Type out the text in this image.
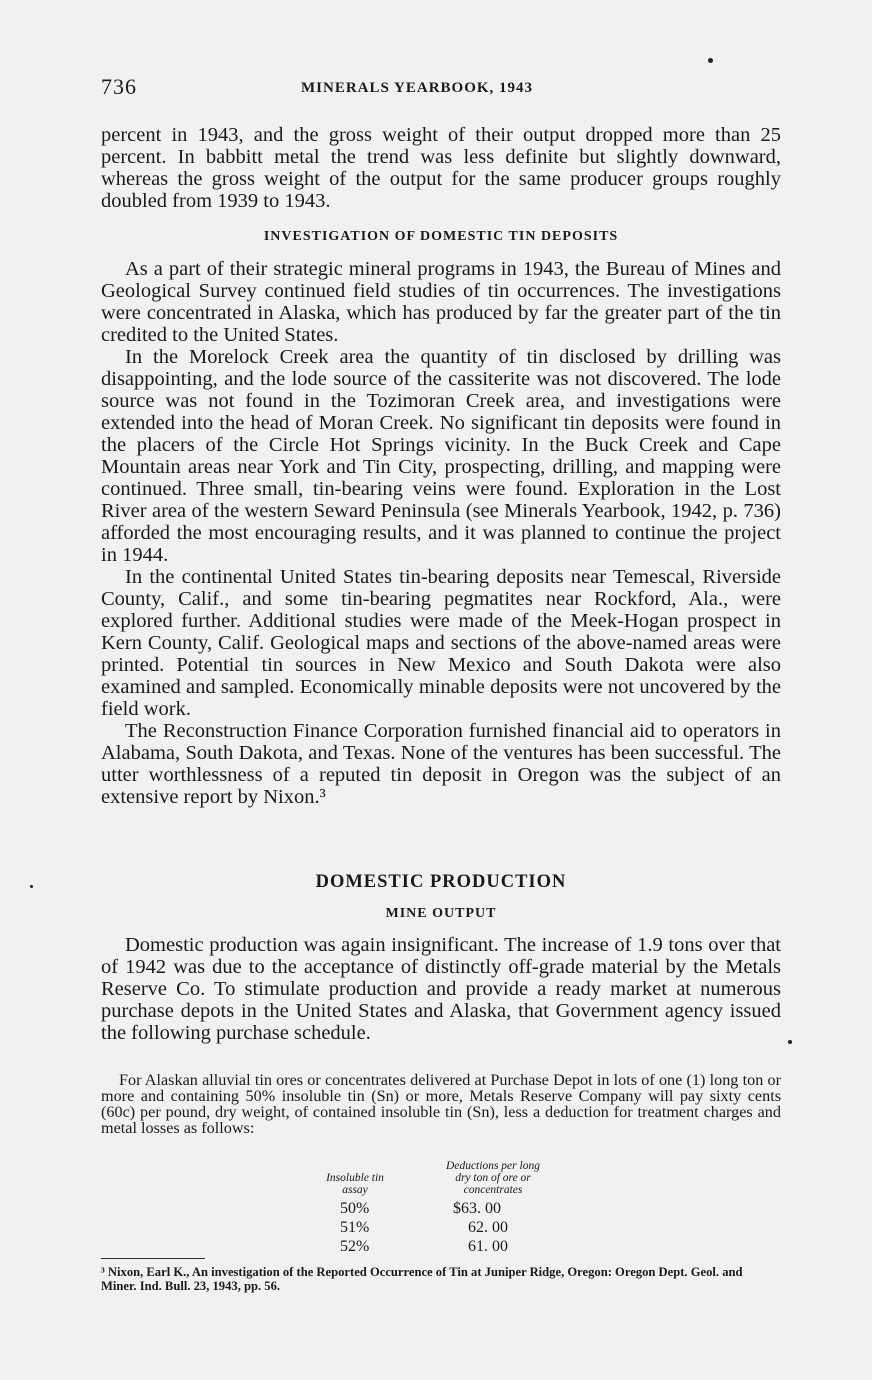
736	MINERALS YEARBOOK, 1943

percent in 1943, and the gross weight of their output dropped more than 25 percent. In babbitt metal the trend was less definite but slightly downward, whereas the gross weight of the output for the same producer groups roughly doubled from 1939 to 1943.

INVESTIGATION OF DOMESTIC TIN DEPOSITS

As a part of their strategic mineral programs in 1943, the Bureau of Mines and Geological Survey continued field studies of tin occurrences. The investigations were concentrated in Alaska, which has produced by far the greater part of the tin credited to the United States.

In the Morelock Creek area the quantity of tin disclosed by drilling was disappointing, and the lode source of the cassiterite was not discovered. The lode source was not found in the Tozimoran Creek area, and investigations were extended into the head of Moran Creek. No significant tin deposits were found in the placers of the Circle Hot Springs vicinity. In the Buck Creek and Cape Mountain areas near York and Tin City, prospecting, drilling, and mapping were continued. Three small, tin-bearing veins were found. Exploration in the Lost River area of the western Seward Peninsula (see Minerals Yearbook, 1942, p. 736) afforded the most encouraging results, and it was planned to continue the project in 1944.

In the continental United States tin-bearing deposits near Temescal, Riverside County, Calif., and some tin-bearing pegmatites near Rockford, Ala., were explored further. Additional studies were made of the Meek-Hogan prospect in Kern County, Calif. Geological maps and sections of the above-named areas were printed. Potential tin sources in New Mexico and South Dakota were also examined and sampled. Economically minable deposits were not uncovered by the field work.

The Reconstruction Finance Corporation furnished financial aid to operators in Alabama, South Dakota, and Texas. None of the ventures has been successful. The utter worthlessness of a reputed tin deposit in Oregon was the subject of an extensive report by Nixon.³

DOMESTIC PRODUCTION

MINE OUTPUT

Domestic production was again insignificant. The increase of 1.9 tons over that of 1942 was due to the acceptance of distinctly off-grade material by the Metals Reserve Co. To stimulate production and provide a ready market at numerous purchase depots in the United States and Alaska, that Government agency issued the following purchase schedule.

For Alaskan alluvial tin ores or concentrates delivered at Purchase Depot in lots of one (1) long ton or more and containing 50% insoluble tin (Sn) or more, Metals Reserve Company will pay sixty cents (60c) per pound, dry weight, of contained insoluble tin (Sn), less a deduction for treatment charges and metal losses as follows:

Insoluble tin
assay
Deductions per long
dry ton of ore or
concentrates
50%	$63. 00
51%	62. 00
52%	61. 00

³ Nixon, Earl K., An investigation of the Reported Occurrence of Tin at Juniper Ridge, Oregon: Oregon Dept. Geol. and Miner. Ind. Bull. 23, 1943, pp. 56.
